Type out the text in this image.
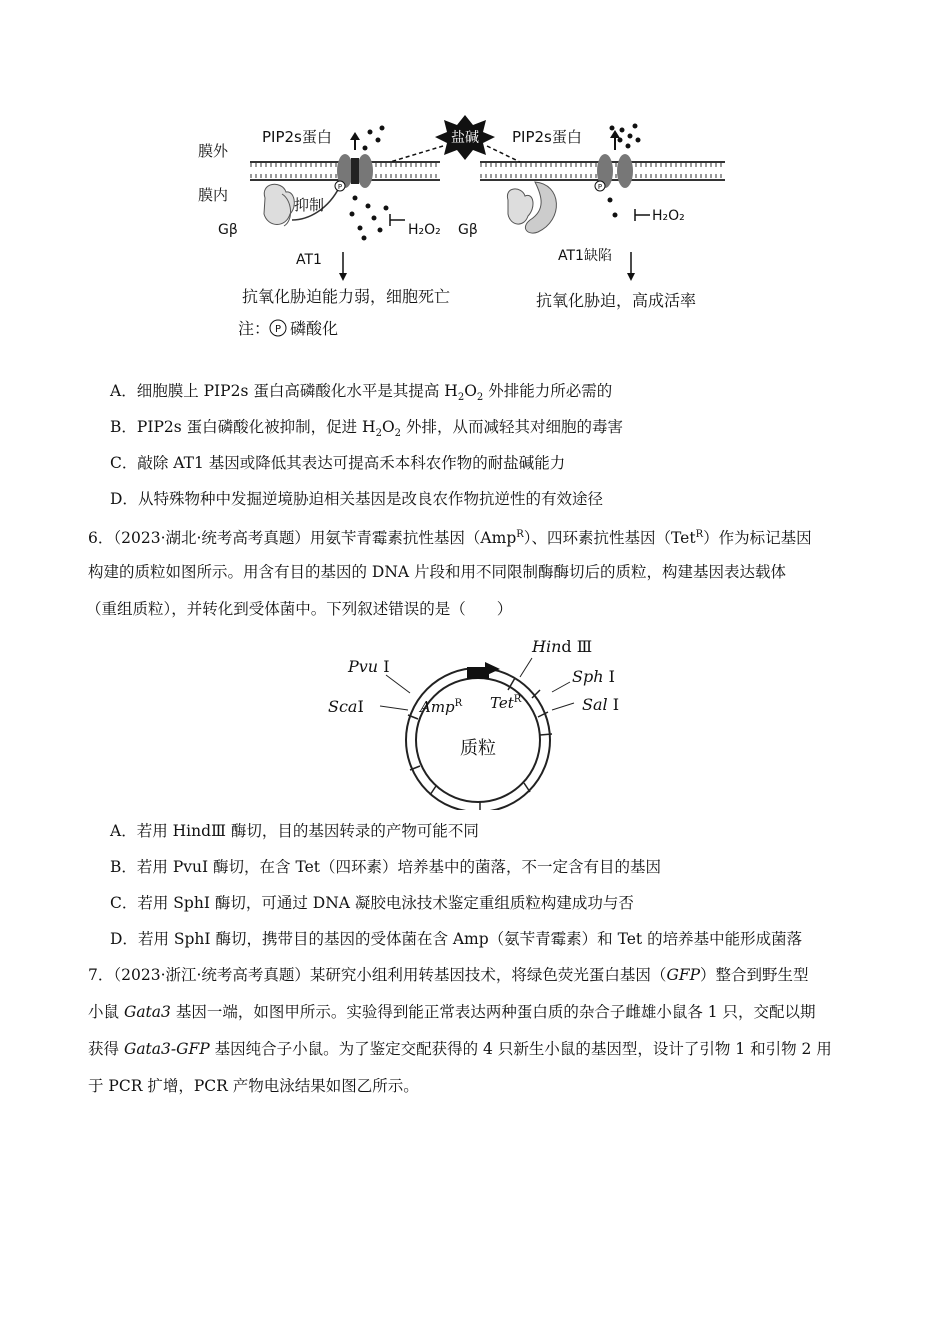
盐碱
P	P
膜外
膜内
PIP2s蛋白	PIP2s蛋白
抑制
Gβ	Gβ
AT1	AT1缺陷
H₂O₂
H₂O₂
抗氧化胁迫能力弱，细胞死亡	抗氧化胁迫，高成活率
注： P 磷酸化
A．细胞膜上 PIP2s 蛋白高磷酸化水平是其提高 $H_2O_2$ 外排能力所必需的
B．PIP2s 蛋白磷酸化被抑制，促进 $H_2O_2$ 外排，从而减轻其对细胞的毒害
C．敲除 AT1 基因或降低其表达可提高禾本科农作物的耐盐碱能力
D．从特殊物种中发掘逆境胁迫相关基因是改良农作物抗逆性的有效途径
6．（2023·湖北·统考高考真题）用氨苄青霉素抗性基因（Amp$^R$）、四环素抗性基因（Tet$^R$）作为标记基因
构建的质粒如图所示。用含有目的基因的 DNA 片段和用不同限制酶酶切后的质粒，构建基因表达载体
（重组质粒），并转化到受体菌中。下列叙述错误的是（　　）
Hind Ⅲ
Sph I
Sal I
Pvu I
ScaI	Amp$^R$ Tet$^R$
质粒
A．若用 HindⅢ 酶切，目的基因转录的产物可能不同
B．若用 PvuI 酶切，在含 Tet（四环素）培养基中的菌落，不一定含有目的基因
C．若用 SphI 酶切，可通过 DNA 凝胶电泳技术鉴定重组质粒构建成功与否
D．若用 SphI 酶切，携带目的基因的受体菌在含 Amp（氨苄青霉素）和 Tet 的培养基中能形成菌落
7．（2023·浙江·统考高考真题）某研究小组利用转基因技术，将绿色荧光蛋白基因（GFP）整合到野生型
小鼠 Gata3 基因一端，如图甲所示。实验得到能正常表达两种蛋白质的杂合子雌雄小鼠各 1 只，交配以期
获得 Gata3-GFP 基因纯合子小鼠。为了鉴定交配获得的 4 只新生小鼠的基因型，设计了引物 1 和引物 2 用
于 PCR 扩增，PCR 产物电泳结果如图乙所示。
